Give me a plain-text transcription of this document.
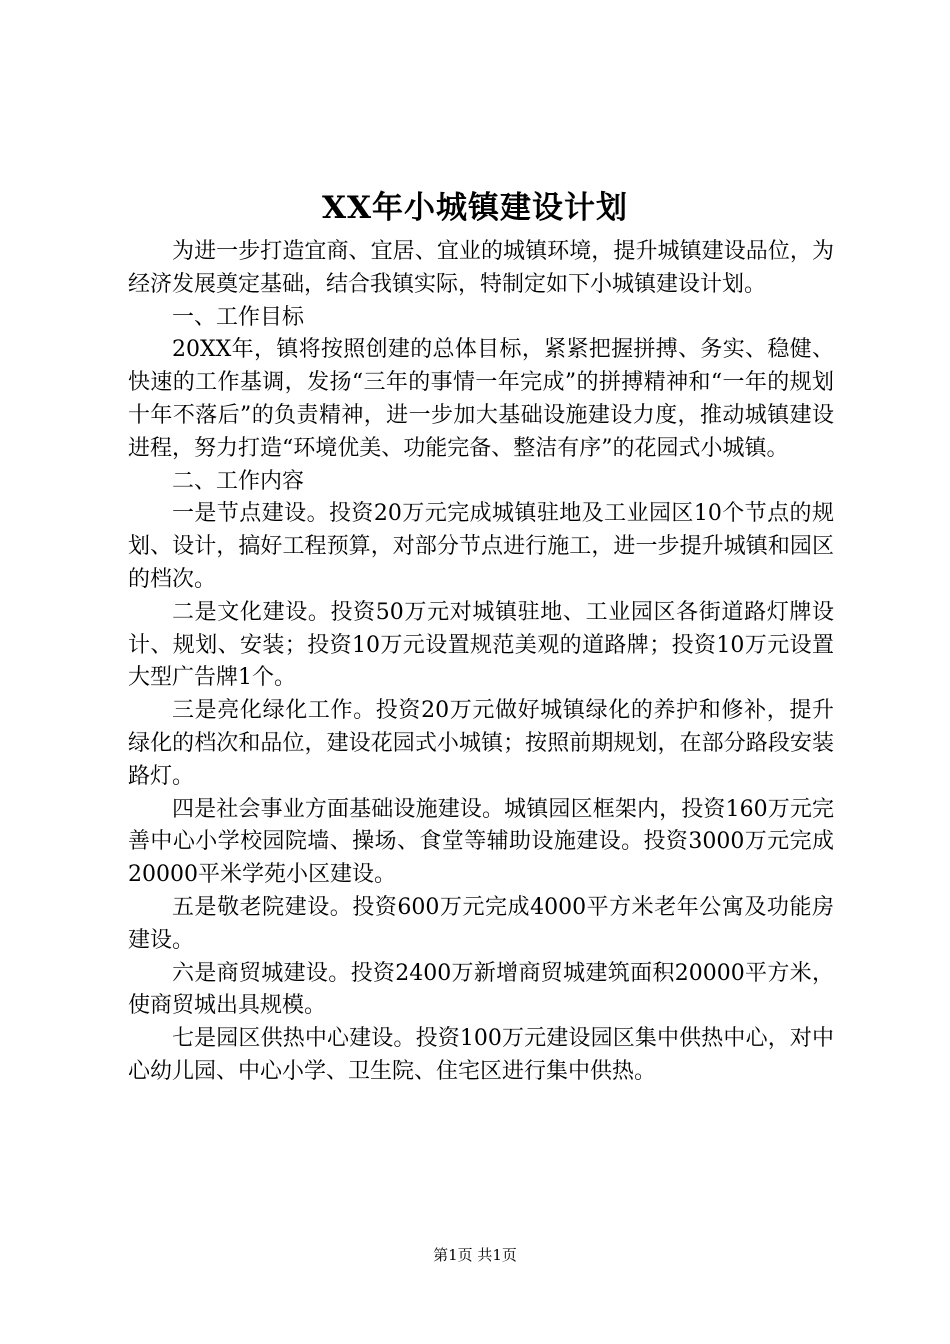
XX年小城镇建设计划

为进一步打造宜商、宜居、宜业的城镇环境，提升城镇建设品位，为经济发展奠定基础，结合我镇实际，特制定如下小城镇建设计划。

一、工作目标

20XX年，镇将按照创建的总体目标，紧紧把握拼搏、务实、稳健、快速的工作基调，发扬“三年的事情一年完成”的拼搏精神和“一年的规划十年不落后”的负责精神，进一步加大基础设施建设力度，推动城镇建设进程，努力打造“环境优美、功能完备、整洁有序”的花园式小城镇。

二、工作内容

一是节点建设。投资20万元完成城镇驻地及工业园区10个节点的规划、设计，搞好工程预算，对部分节点进行施工，进一步提升城镇和园区的档次。

二是文化建设。投资50万元对城镇驻地、工业园区各街道路灯牌设计、规划、安装；投资10万元设置规范美观的道路牌；投资10万元设置大型广告牌1个。

三是亮化绿化工作。投资20万元做好城镇绿化的养护和修补，提升绿化的档次和品位，建设花园式小城镇；按照前期规划，在部分路段安装路灯。

四是社会事业方面基础设施建设。城镇园区框架内，投资160万元完善中心小学校园院墙、操场、食堂等辅助设施建设。投资3000万元完成20000平米学苑小区建设。

五是敬老院建设。投资600万元完成4000平方米老年公寓及功能房建设。

六是商贸城建设。投资2400万新增商贸城建筑面积20000平方米，使商贸城出具规模。

七是园区供热中心建设。投资100万元建设园区集中供热中心，对中心幼儿园、中心小学、卫生院、住宅区进行集中供热。

第1页 共1页
